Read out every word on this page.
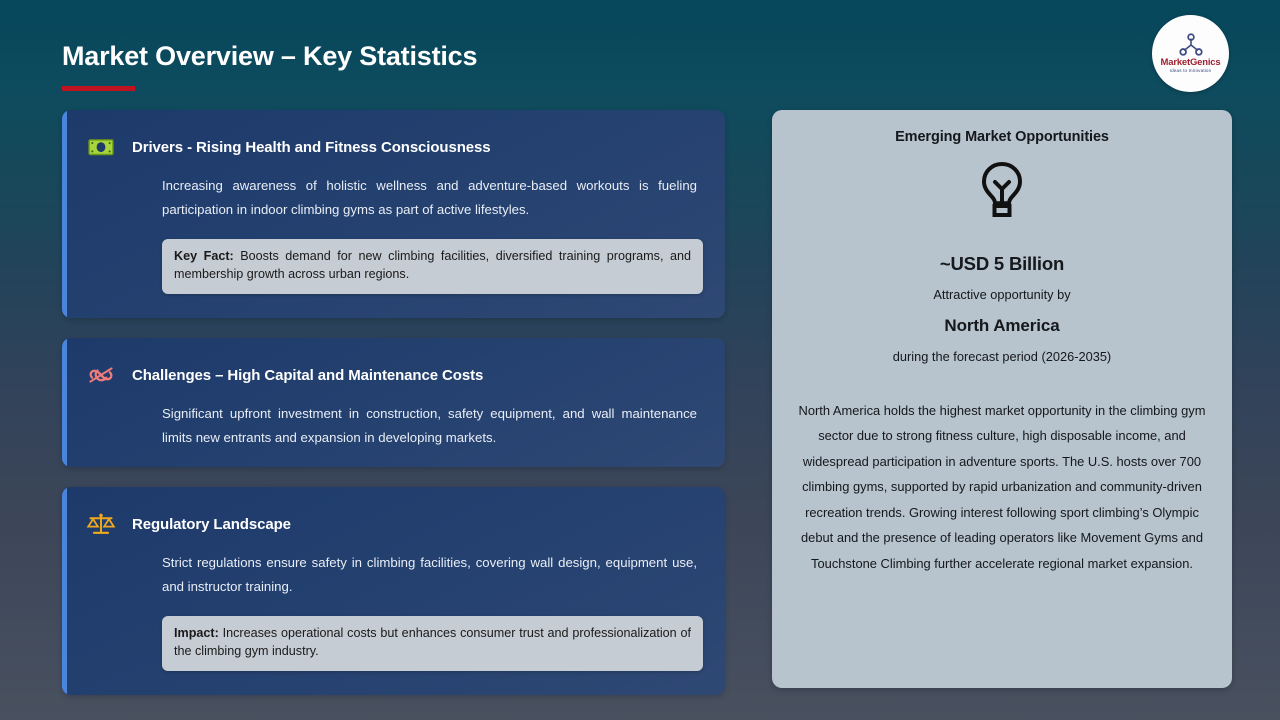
Market Overview – Key Statistics	MarketGenics
Ideas to Innovation
Drivers - Rising Health and Fitness Consciousness
Increasing awareness of holistic wellness and adventure-based workouts is fueling participation in indoor climbing gyms as part of active lifestyles.
Key Fact: Boosts demand for new climbing facilities, diversified training programs, and membership growth across urban regions.
Challenges – High Capital and Maintenance Costs
Significant upfront investment in construction, safety equipment, and wall maintenance limits new entrants and expansion in developing markets.
Regulatory Landscape
Strict regulations ensure safety in climbing facilities, covering wall design, equipment use, and instructor training.
Impact: Increases operational costs but enhances consumer trust and professionalization of the climbing gym industry.
Emerging Market Opportunities
~USD 5 Billion
Attractive opportunity by
North America
during the forecast period (2026-2035)
North America holds the highest market opportunity in the climbing gym sector due to strong fitness culture, high disposable income, and widespread participation in adventure sports. The U.S. hosts over 700 climbing gyms, supported by rapid urbanization and community-driven recreation trends. Growing interest following sport climbing’s Olympic debut and the presence of leading operators like Movement Gyms and Touchstone Climbing further accelerate regional market expansion.
